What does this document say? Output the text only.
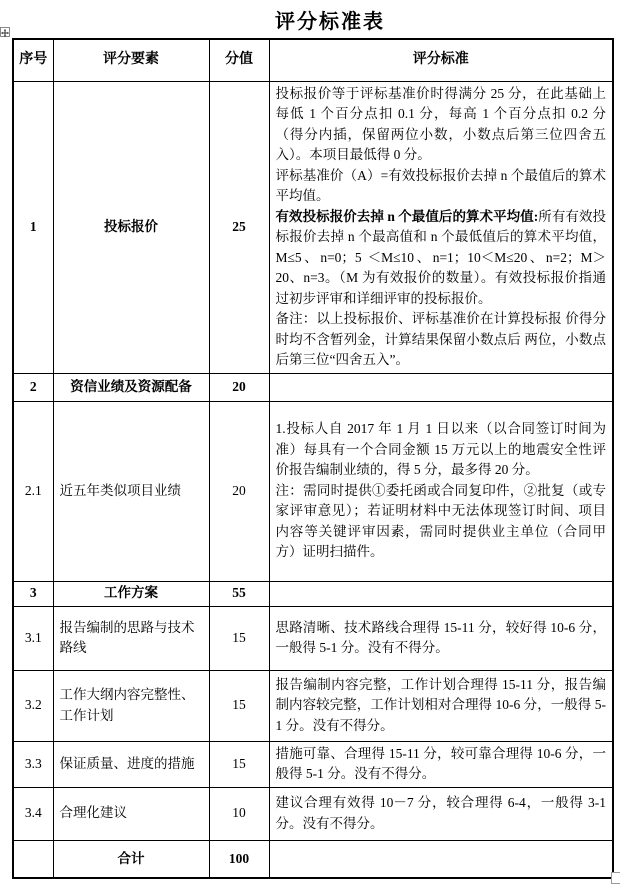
评分标准表
序号	评分要素	分值	评分标准
1	投标报价	25	投标报价等于评标基准价时得满分 25 分，在此基础上每低 1 个百分点扣 0.1 分，每高 1 个百分点扣 0.2 分（得分内插，保留两位小数，小数点后第三位四舍五入）。本项目最低得 0 分。

评标基准价（A）=有效投标报价去掉 n 个最值后的算术平均值。

有效投标报价去掉 n 个最值后的算术平均值:所有有效投标报价去掉 n 个最高值和 n 个最低值后的算术平均值，M≤5、n=0；5 ＜M≤10、n=1；10＜M≤20、n=2；M＞20、n=3。（M 为有效报价的数量）。有效投标报价指通过初步评审和详细评审的投标报价。

备注：以上投标报价、评标基准价在计算投标报 价得分时均不含暂列金，计算结果保留小数点后 两位，小数点后第三位“四舍五入”。

2	资信业绩及资源配备	20	
2.1	近五年类似项目业绩	20	1.投标人自 2017 年 1 月 1 日以来（以合同签订时间为准）每具有一个合同金额 15 万元以上的地震安全性评价报告编制业绩的，得 5 分，最多得 20 分。

注：需同时提供①委托函或合同复印件，②批复（或专家评审意见）；若证明材料中无法体现签订时间、项目内容等关键评审因素，需同时提供业主单位（合同甲方）证明扫描件。

3	工作方案	55	
3.1	报告编制的思路与技术路线	15	思路清晰、技术路线合理得 15-11 分，较好得 10-6 分，一般得 5-1 分。没有不得分。
3.2	工作大纲内容完整性、工作计划	15	报告编制内容完整，工作计划合理得 15-11 分，报告编制内容较完整，工作计划相对合理得 10-6 分，一般得 5-1 分。没有不得分。
3.3	保证质量、进度的措施	15	措施可靠、合理得 15-11 分，较可靠合理得 10-6 分，一般得 5-1 分。没有不得分。
3.4	合理化建议	10	建议合理有效得 10－7 分，较合理得 6-4，一般得 3-1 分。没有不得分。
	合计	100	
